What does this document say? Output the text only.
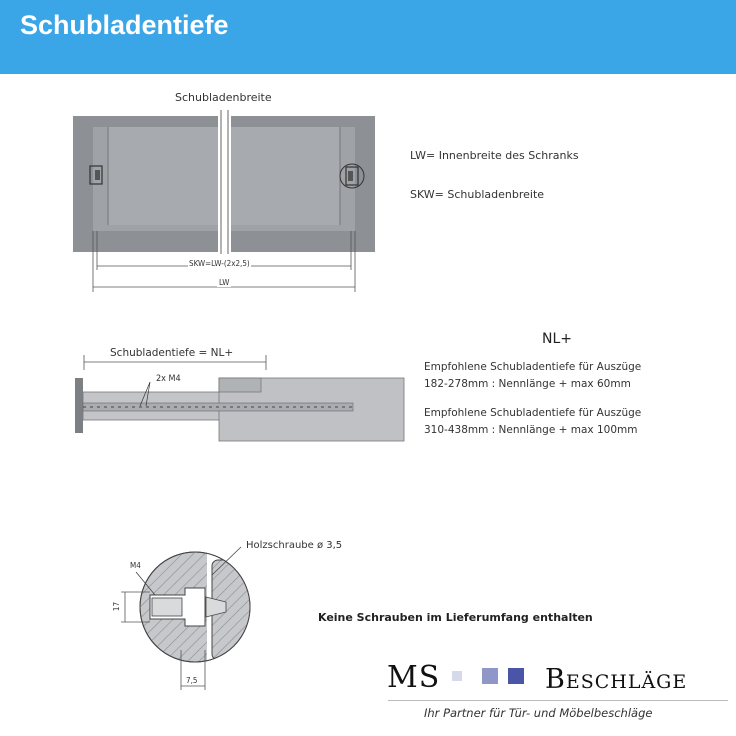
Schubladentiefe
Schubladenbreite
SKW=LW-(2x2,5)
LW
LW= Innenbreite des Schranks
SKW= Schubladenbreite
Schubladentiefe = NL+
2x M4
NL+
Empfohlene Schubladentiefe für Auszüge
182-278mm : Nennlänge + max 60mm
Empfohlene Schubladentiefe für Auszüge
310-438mm : Nennlänge + max 100mm
Holzschraube ø 3,5
M4
17
7,5
Keine Schrauben im Lieferumfang enthalten
MS	Beschläge
Ihr Partner für Tür- und Möbelbeschläge
